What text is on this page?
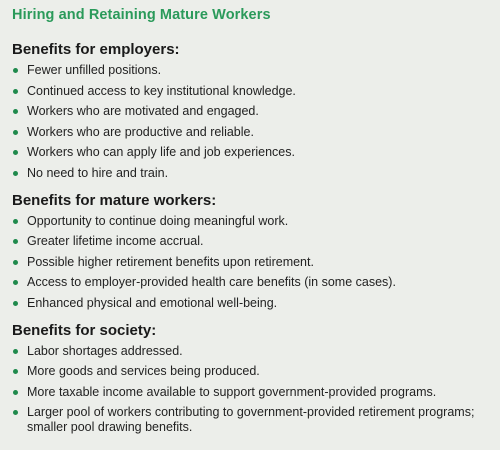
Hiring and Retaining Mature Workers
Benefits for employers:
Fewer unfilled positions.
Continued access to key institutional knowledge.
Workers who are motivated and engaged.
Workers who are productive and reliable.
Workers who can apply life and job experiences.
No need to hire and train.
Benefits for mature workers:
Opportunity to continue doing meaningful work.
Greater lifetime income accrual.
Possible higher retirement benefits upon retirement.
Access to employer-provided health care benefits (in some cases).
Enhanced physical and emotional well-being.
Benefits for society:
Labor shortages addressed.
More goods and services being produced.
More taxable income available to support government-provided programs.
Larger pool of workers contributing to government-provided retirement programs; smaller pool drawing benefits.
